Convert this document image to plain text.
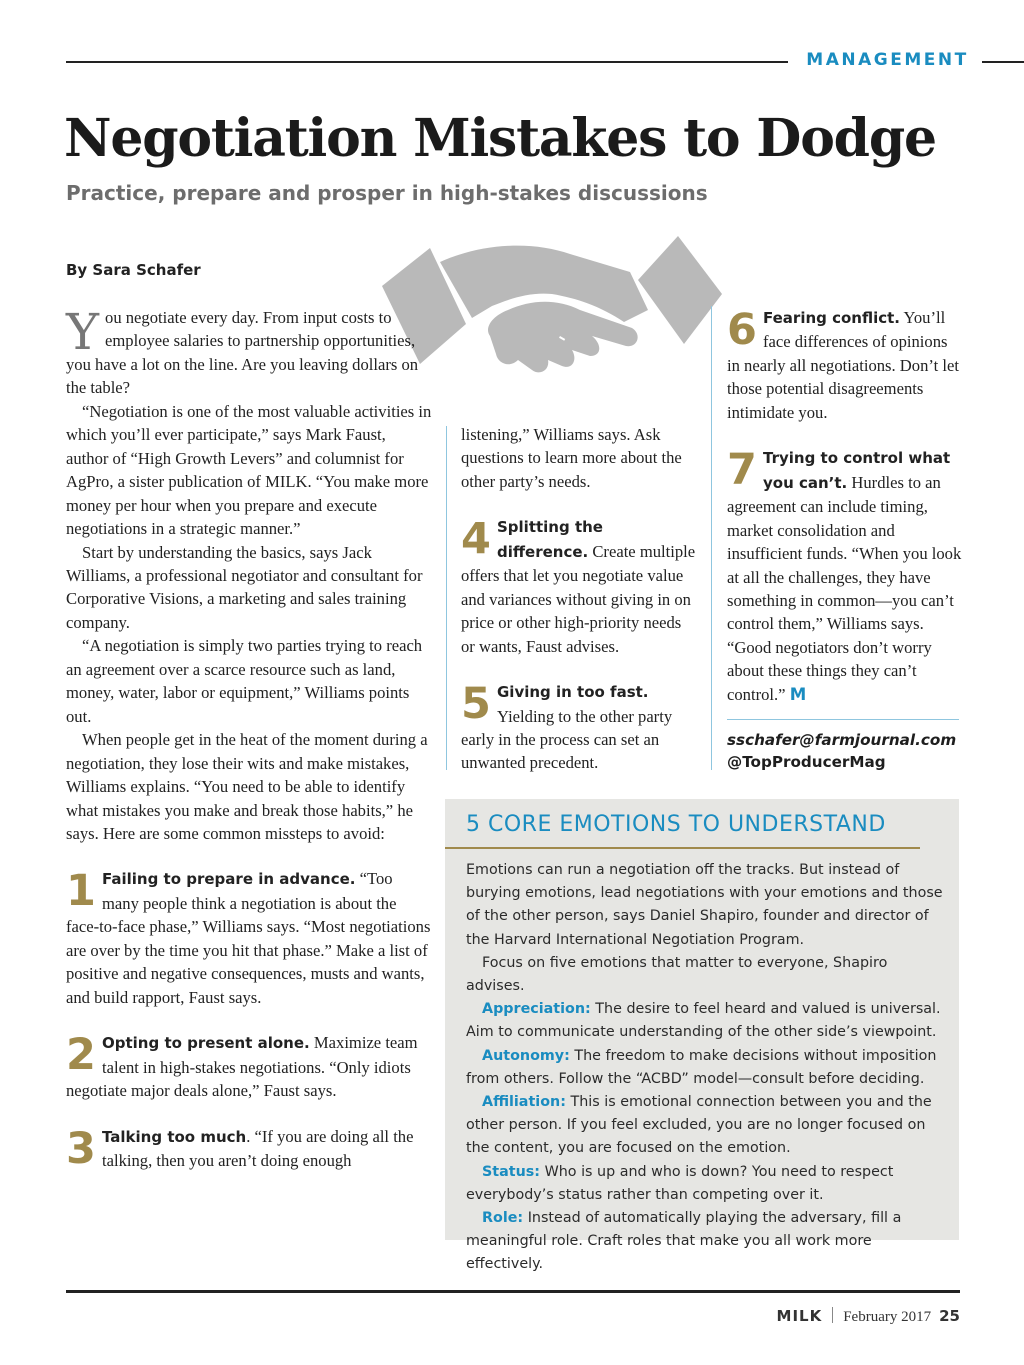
MANAGEMENT
Negotiation Mistakes to Dodge
Practice, prepare and prosper in high-stakes discussions
By Sara Schafer

You negotiate every day. From input costs to employee salaries to partnership opportunities, you have a lot on the line. Are you leaving dollars on the table?

“Negotiation is one of the most valuable activities in which you’ll ever participate,” says Mark Faust, author of “High Growth Levers” and columnist for AgPro, a sister publication of MILK. “You make more money per hour when you prepare and execute negotiations in a strategic manner.”

Start by understanding the basics, says Jack Williams, a professional negotiator and consultant for Corporative Visions, a marketing and sales training company.

“A negotiation is simply two parties trying to reach an agreement over a scarce resource such as land, money, water, labor or equipment,” Williams points out.

When people get in the heat of the moment during a negotiation, they lose their wits and make mistakes, Williams explains. “You need to be able to identify what mistakes you make and break those habits,” he says. Here are some common missteps to avoid:

1 Failing to prepare in advance. “Too many people think a negotiation is about the face-to-face phase,” Williams says. “Most negotiations are over by the time you hit that phase.” Make a list of positive and negative consequences, musts and wants, and build rapport, Faust says.

2 Opting to present alone. Maximize team talent in high-stakes negotiations. “Only idiots negotiate major deals alone,” Faust says.

3 Talking too much. “If you are doing all the talking, then you aren’t doing enough

listening,” Williams says. Ask questions to learn more about the other party’s needs.

4 Splitting the difference. Create multiple offers that let you negotiate value and variances without giving in on price or other high-priority needs or wants, Faust advises.

5 Giving in too fast. Yielding to the other party early in the process can set an unwanted precedent.

6 Fearing conflict. You’ll face differences of opinions in nearly all negotiations. Don’t let those potential disagreements intimidate you.

7 Trying to control what you can’t. Hurdles to an agreement can include timing, market consolidation and insufficient funds. “When you look at all the challenges, they have something in common—you can’t control them,” Williams says. “Good negotiators don’t worry about these things they can’t control.” M

sschafer@farmjournal.com
@TopProducerMag
5 CORE EMOTIONS TO UNDERSTAND

Emotions can run a negotiation off the tracks. But instead of burying emotions, lead negotiations with your emotions and those of the other person, says Daniel Shapiro, founder and director of the Harvard International Negotiation Program.

Focus on five emotions that matter to everyone, Shapiro advises.

Appreciation: The desire to feel heard and valued is universal. Aim to communicate understanding of the other side’s viewpoint.

Autonomy: The freedom to make decisions without imposition from others. Follow the “ACBD” model—consult before deciding.

Affiliation: This is emotional connection between you and the other person. If you feel excluded, you are no longer focused on the content, you are focused on the emotion.

Status: Who is up and who is down? You need to respect everybody’s status rather than competing over it.

Role: Instead of automatically playing the adversary, fill a meaningful role. Craft roles that make you all work more effectively.

MILK February 2017 25
